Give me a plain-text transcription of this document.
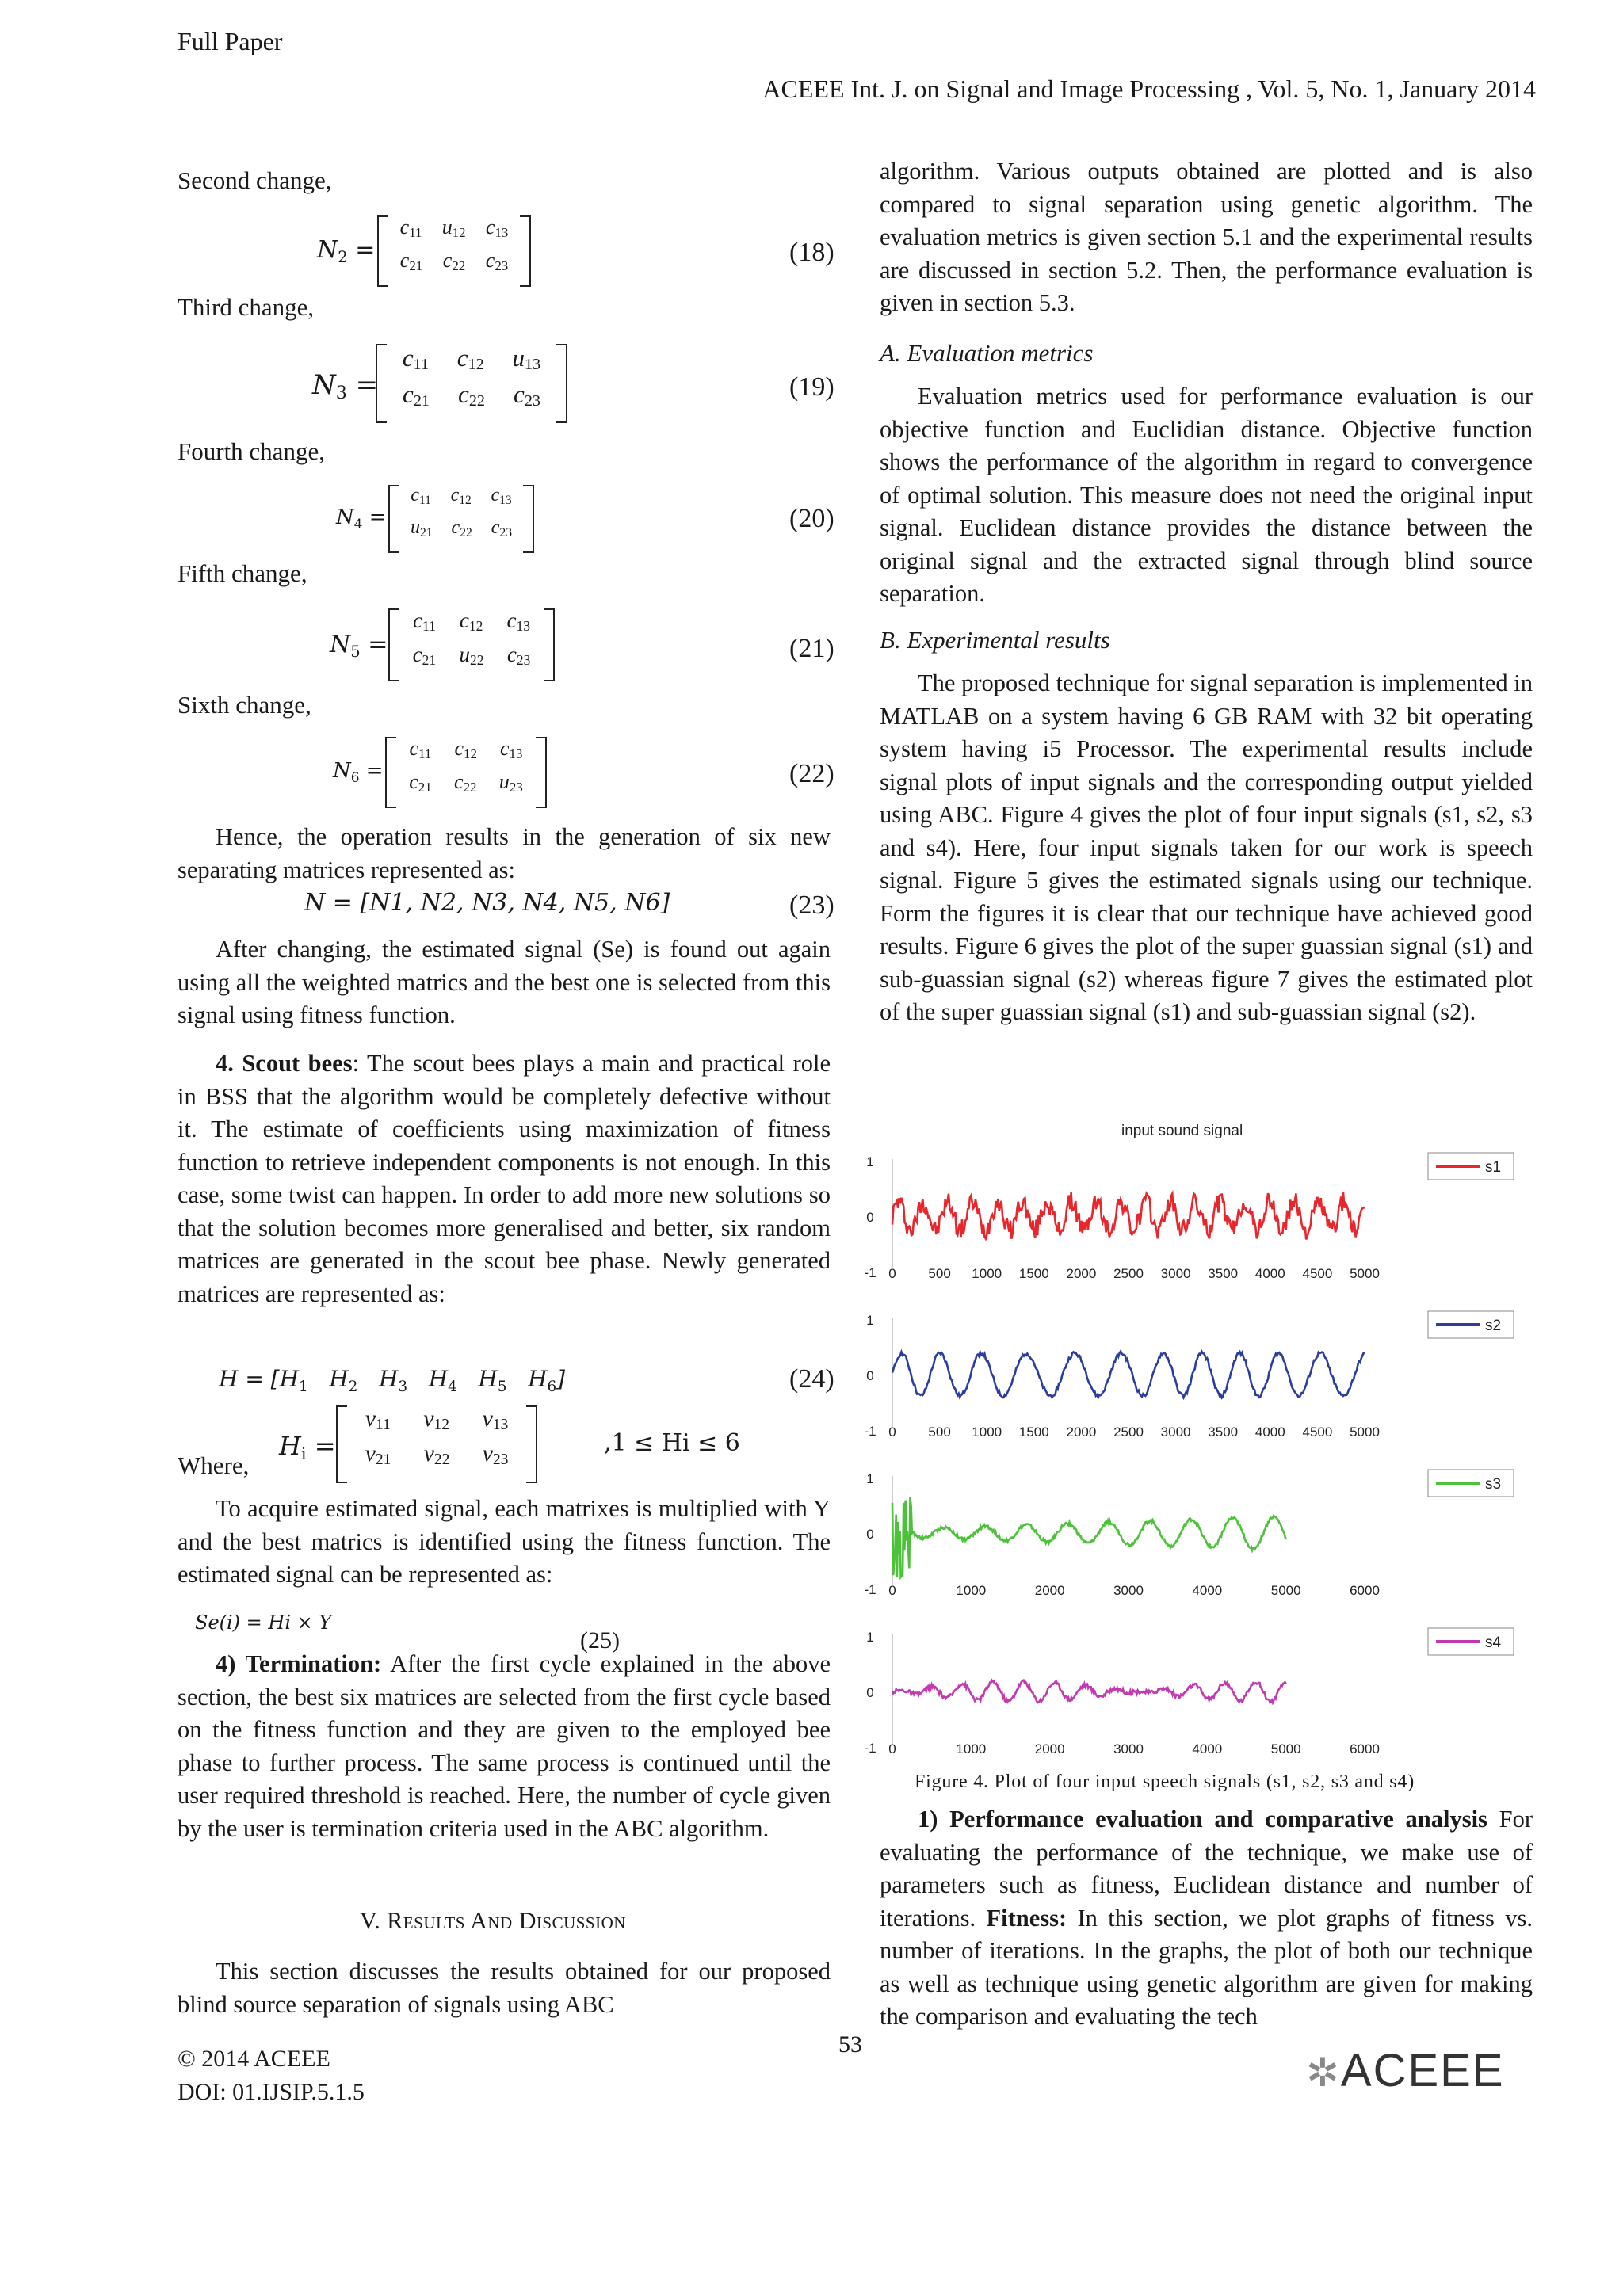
Full Paper
ACEEE Int. J. on Signal and Image Processing , Vol. 5, No. 1, January 2014
Second change,
$N_2$ =
$c_{11}$ $u_{12}$ $c_{13}$
$c_{21}$ $c_{22}$ $c_{23}$	(18)
Third change,
$N_3$ =
$c_{11}$ $c_{12}$ $u_{13}$
$c_{21}$ $c_{22}$ $c_{23}$	(19)
Fourth change,
$N_4$ =
$c_{11}$ $c_{12}$ $c_{13}$
$u_{21}$ $c_{22}$ $c_{23}$	(20)
Fifth change,
$N_5$ =
$c_{11}$ $c_{12}$ $c_{13}$
$c_{21}$ $u_{22}$ $c_{23}$	(21)
Sixth change,
$N_6$ =
$c_{11}$ $c_{12}$ $c_{13}$
$c_{21}$ $c_{22}$ $u_{23}$	(22)

Hence, the operation results in the generation of six new separating matrices represented as:

N = [N1, N2, N3, N4, N5, N6]	(23)

After changing, the estimated signal (Se) is found out again using all the weighted matrics and the best one is selected from this signal using fitness function.

4. Scout bees: The scout bees plays a main and practical role in BSS that the algorithm would be completely defective without it. The estimate of coefficients using maximization of fitness function to retrieve independent components is not enough. In this case, some twist can happen. In order to add more new solutions so that the solution becomes more generalised and better, six random matrices are generated in the scout bee phase. Newly generated matrices are represented as:

$H = [H_1$   $H_2$   $H_3$   $H_4$   $H_5$   $H_6$]	(24)
Where,
$H_i$ =
$v_{11}$ $v_{12}$ $v_{13}$
$v_{21}$ $v_{22}$ $v_{23}$
,1 ≤ Hi ≤ 6

To acquire estimated signal, each matrixes is multiplied with Y and the best matrics is identified using the fitness function. The estimated signal can be represented as:

Se(i) = Hi × Y
(25)

4) Termination: After the first cycle explained in the above section, the best six matrices are selected from the first cycle based on the fitness function and they are given to the employed bee phase to further process. The same process is continued until the user required threshold is reached. Here, the number of cycle given by the user is termination criteria used in the ABC algorithm.

V. Results And Discussion

This section discusses the results obtained for our proposed blind source separation of signals using ABC

algorithm. Various outputs obtained are plotted and is also compared to signal separation using genetic algorithm. The evaluation metrics is given section 5.1 and the experimental results are discussed in section 5.2. Then, the performance evaluation is given in section 5.3.

A. Evaluation metrics

Evaluation metrics used for performance evaluation is our objective function and Euclidian distance. Objective function shows the performance of the algorithm in regard to convergence of optimal solution. This measure does not need the original input signal. Euclidean distance provides the distance between the original signal and the extracted signal through blind source separation.

B. Experimental results

The proposed technique for signal separation is implemented in MATLAB on a system having 6 GB RAM with 32 bit operating system having i5 Processor. The experimental results include signal plots of input signals and the corresponding output yielded using ABC. Figure 4 gives the plot of four input signals (s1, s2, s3 and s4). Here, four input signals taken for our work is speech signal. Figure 5 gives the estimated signals using our technique. Form the figures it is clear that our technique have achieved good results. Figure 6 gives the plot of the super guassian signal (s1) and sub-guassian signal (s2) whereas figure 7 gives the estimated plot of the super guassian signal (s1) and sub-guassian signal (s2).

input sound signal
1
0
-1 0 500 1000 1500 2000 2500 3000 3500 4000 4500 5000
s1
1
0
-1 0 500 1000 1500 2000 2500 3000 3500 4000 4500 5000
s2
1
0
-1 0	1000	2000	3000	4000	5000	6000
s3
1
0
-1 0	1000	2000	3000	4000	5000	6000
s4
Figure 4. Plot of four input speech signals (s1, s2, s3 and s4)

1) Performance evaluation and comparative analysis For evaluating the performance of the technique, we make use of parameters such as fitness, Euclidean distance and number of iterations. Fitness: In this section, we plot graphs of fitness vs. number of iterations. In the graphs, the plot of both our technique as well as technique using genetic algorithm are given for making the comparison and evaluating the tech

© 2014 ACEEE
DOI: 01.IJSIP.5.1.5
53
✲ACEEE
